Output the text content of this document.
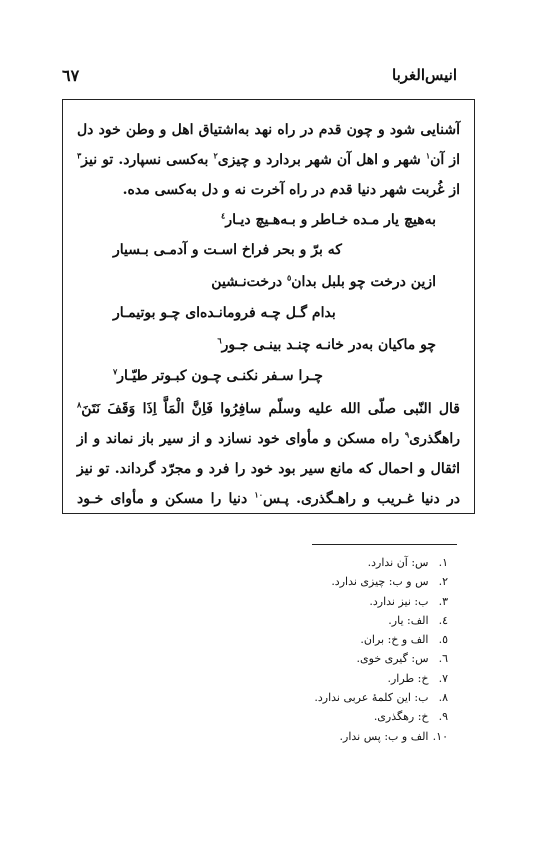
٦٧	انیس‌الغربا
آشنایی شود و چون قدم در راه نهد به‌اشتیاق اهل و وطن خود دل
از آن$^١$ شهر و اهل آن شهر بردارد و چیزی$^٢$ به‌کسی نسپارد. تو نیز$^٣$
از غُربت شهر دنیا قدم در راه آخرت نه و دل به‌کسی مده.
به‌هیچ یار مـده خـاطر و بـه‌هـیچ دیـار$^٤$
که برّ و بحر فراخ اسـت و آدمـی بـسیار
ازین درخت چو بلبل بدان$^٥$ درخت‌نـشین
بدام گـل چـه فرومانـده‌ای چـو بوتیمـار
چو ماکیان به‌در خانـه چنـد بینـی جـور$^٦$
چـرا سـفر نکنـی چـون کبـوتر طیّـار$^٧$
قال النّبی صلّی الله علیه وسلّم سافِرُوا فَاِنَّ الْمَاَّ اِذَا وَقَفَ نَتَنَ$^٨$
راهگذری$^٩$ راه مسکن و مأوای خود نسازد و از سیر باز نماند و از
اثقال و احمال که مانع سیر بود خود را فرد و مجرّد گرداند. تو نیز
در دنیا غـریب و راهـگذری. پـس$^{١٠}$ دنیا را مسکن و مأوای خـود
١. س: آن ندارد.
٢. س و ب: چیزی ندارد.
٣. ب: نیز ندارد.
٤. الف: یار.
٥. الف و خ: بران.
٦. س: گیری خوی.
٧. خ: طرار.
٨. ب: این کلمهٔ عربی ندارد.
٩. خ: رهگذری.
١٠. الف و ب: پس ندار.
